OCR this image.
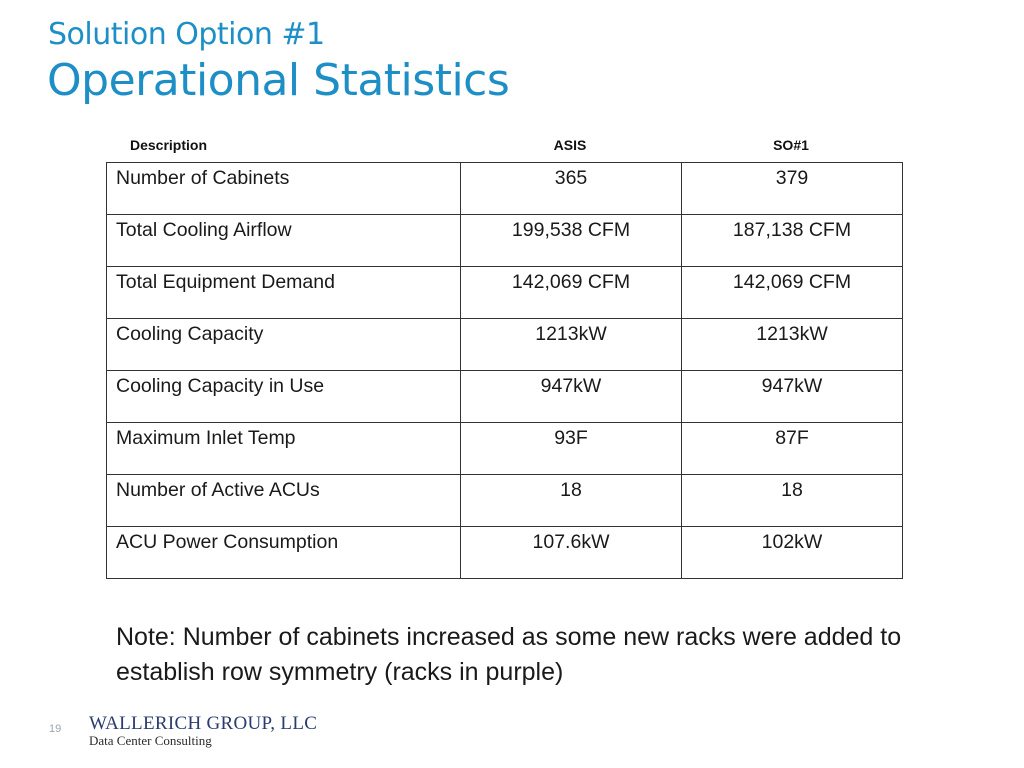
Solution Option #1
Operational Statistics
Description	ASIS	SO#1
Number of Cabinets	365	379
Total Cooling Airflow	199,538 CFM	187,138 CFM
Total Equipment Demand	142,069 CFM	142,069 CFM
Cooling Capacity	1213kW	1213kW
Cooling Capacity in Use	947kW	947kW
Maximum Inlet Temp	93F	87F
Number of Active ACUs	18	18
ACU Power Consumption	107.6kW	102kW
Note: Number of cabinets increased as some new racks were added to establish row symmetry (racks in purple)
19 WALLERICH GROUP, LLC
Data Center Consulting
